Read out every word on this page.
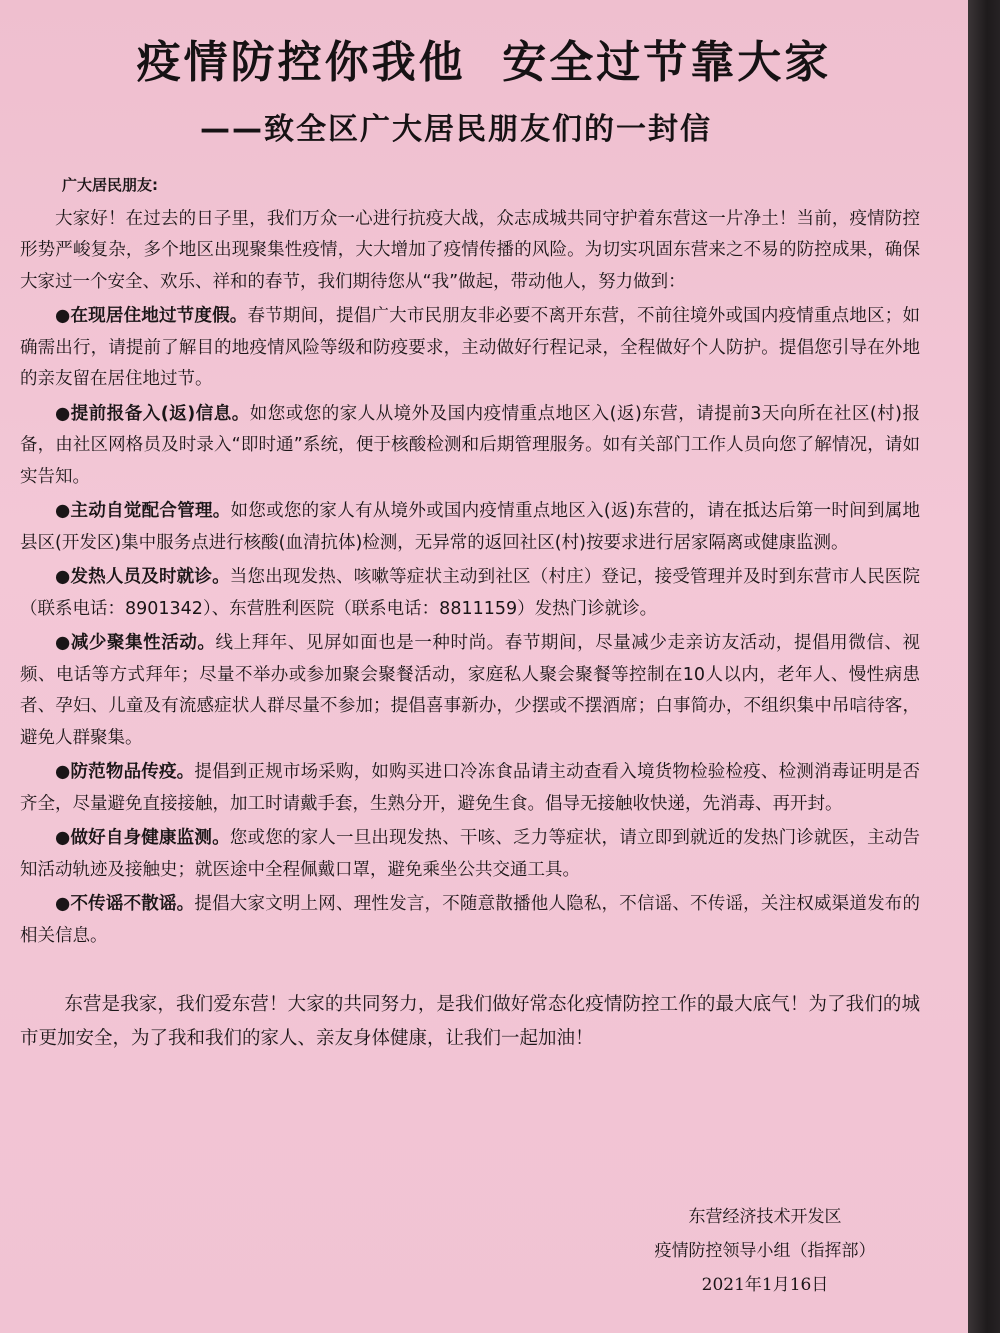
疫情防控你我他  安全过节靠大家
——致全区广大居民朋友们的一封信
广大居民朋友:

大家好！在过去的日子里，我们万众一心进行抗疫大战，众志成城共同守护着东营这一片净土！当前，疫情防控形势严峻复杂，多个地区出现聚集性疫情，大大增加了疫情传播的风险。为切实巩固东营来之不易的防控成果，确保大家过一个安全、欢乐、祥和的春节，我们期待您从“我”做起，带动他人，努力做到：

●在现居住地过节度假。春节期间，提倡广大市民朋友非必要不离开东营，不前往境外或国内疫情重点地区；如确需出行，请提前了解目的地疫情风险等级和防疫要求，主动做好行程记录，全程做好个人防护。提倡您引导在外地的亲友留在居住地过节。

●提前报备入(返)信息。如您或您的家人从境外及国内疫情重点地区入(返)东营，请提前3天向所在社区(村)报备，由社区网格员及时录入“即时通”系统，便于核酸检测和后期管理服务。如有关部门工作人员向您了解情况，请如实告知。

●主动自觉配合管理。如您或您的家人有从境外或国内疫情重点地区入(返)东营的，请在抵达后第一时间到属地县区(开发区)集中服务点进行核酸(血清抗体)检测，无异常的返回社区(村)按要求进行居家隔离或健康监测。

●发热人员及时就诊。当您出现发热、咳嗽等症状主动到社区（村庄）登记，接受管理并及时到东营市人民医院（联系电话：8901342）、东营胜利医院（联系电话：8811159）发热门诊就诊。

●减少聚集性活动。线上拜年、见屏如面也是一种时尚。春节期间，尽量减少走亲访友活动，提倡用微信、视频、电话等方式拜年；尽量不举办或参加聚会聚餐活动，家庭私人聚会聚餐等控制在10人以内，老年人、慢性病患者、孕妇、儿童及有流感症状人群尽量不参加；提倡喜事新办，少摆或不摆酒席；白事简办，不组织集中吊唁待客，避免人群聚集。

●防范物品传疫。提倡到正规市场采购，如购买进口冷冻食品请主动查看入境货物检验检疫、检测消毒证明是否齐全，尽量避免直接接触，加工时请戴手套，生熟分开，避免生食。倡导无接触收快递，先消毒、再开封。

●做好自身健康监测。您或您的家人一旦出现发热、干咳、乏力等症状，请立即到就近的发热门诊就医，主动告知活动轨迹及接触史；就医途中全程佩戴口罩，避免乘坐公共交通工具。

●不传谣不散谣。提倡大家文明上网、理性发言，不随意散播他人隐私，不信谣、不传谣，关注权威渠道发布的相关信息。

东营是我家，我们爱东营！大家的共同努力，是我们做好常态化疫情防控工作的最大底气！为了我们的城市更加安全，为了我和我们的家人、亲友身体健康，让我们一起加油！

东营经济技术开发区
疫情防控领导小组（指挥部）
2021年1月16日
